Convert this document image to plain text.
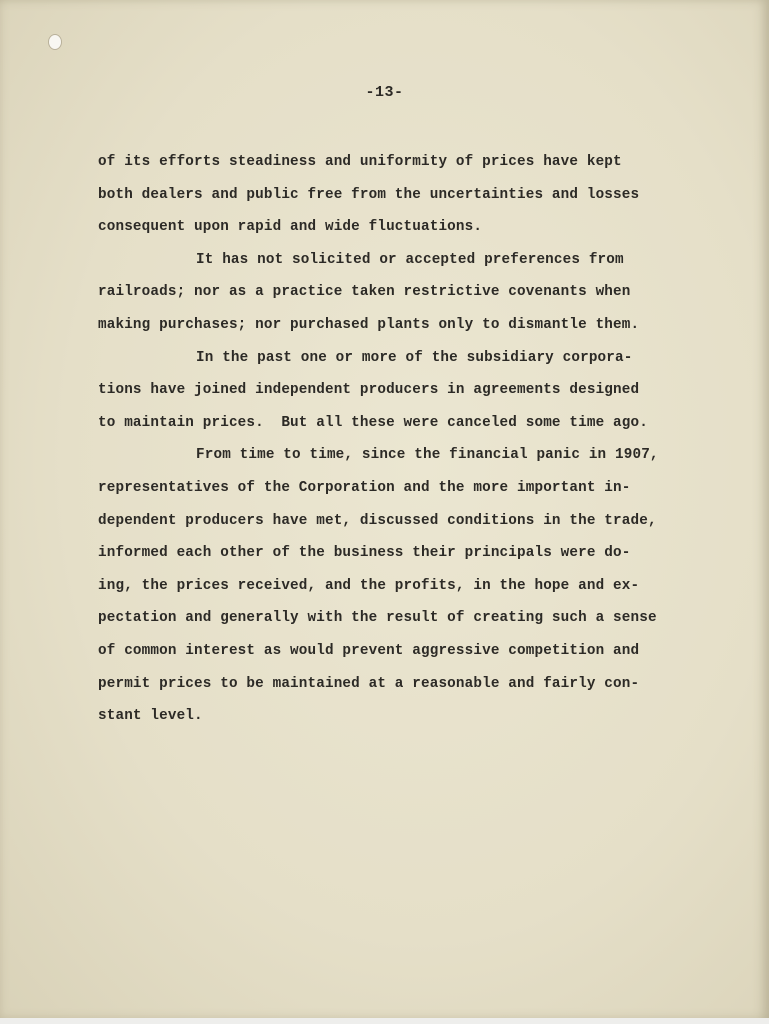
-13-
of its efforts steadiness and uniformity of prices have kept
both dealers and public free from the uncertainties and losses
consequent upon rapid and wide fluctuations.
It has not solicited or accepted preferences from
railroads; nor as a practice taken restrictive covenants when
making purchases; nor purchased plants only to dismantle them.
In the past one or more of the subsidiary corpora-
tions have joined independent producers in agreements designed
to maintain prices.  But all these were canceled some time ago.
From time to time, since the financial panic in 1907,
representatives of the Corporation and the more important in-
dependent producers have met, discussed conditions in the trade,
informed each other of the business their principals were do-
ing, the prices received, and the profits, in the hope and ex-
pectation and generally with the result of creating such a sense
of common interest as would prevent aggressive competition and
permit prices to be maintained at a reasonable and fairly con-
stant level.
